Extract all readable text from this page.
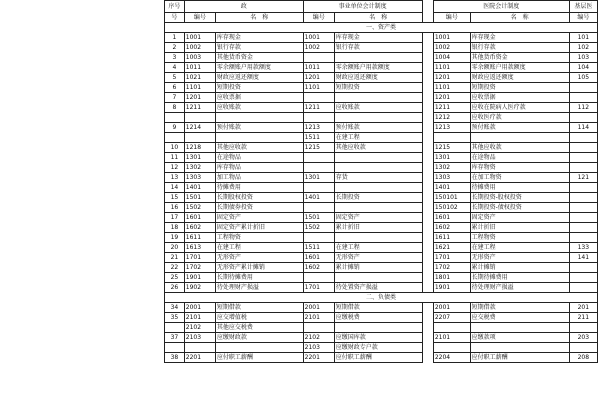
序号	政		事业单位会计制度			医院会计制度		基层医
号	编号	名　称	编号	名　称		编号	名　称	编号
一、资产类								
1	1001	库存现金	1001	库存现金		1001	库存现金	101
2	1002	银行存款	1002	银行存款		1002	银行存款	102
3	1003	其他货币资金				1004	其他货币资金	103
4	1011	零余额账户用款额度	1011	零余额账户用款额度		1101	零余额账户用款额度	104
5	1021	财政应返还额度	1201	财政应返还额度		1201	财政应返还额度	105
6	1101	短期投资	1101	短期投资		1101	短期投资	
7	1201	应收票据				1201	应收票据	
8	1211	应收账款	1211	应收账款		1211	应收在院病人医疗款	112
						1212	应收医疗款	
9	1214	预付账款	1213	预付账款		1213	预付账款	114
			1511	在建工程				
10	1218	其他应收款	1215	其他应收款		1215	其他应收款	
11	1301	在途物品				1301	在途物品	
12	1302	库存物品				1302	库存物资	
13	1303	加工物品	1301	存货		1303	在加工物资	121
14	1401	待摊费用				1401	待摊费用	
15	1501	长期股权投资	1401	长期投资		150101	长期投资-股权投资	
16	1502	长期债券投资				150102	长期投资-债权投资	
17	1601	固定资产	1501	固定资产		1601	固定资产	
18	1602	固定资产累计折旧	1502	累计折旧		1602	累计折旧	
19	1611	工程物资				1611	工程物资	
20	1613	在建工程	1511	在建工程		1621	在建工程	133
21	1701	无形资产	1601	无形资产		1701	无形资产	141
22	1702	无形资产累计摊销	1602	累计摊销		1702	累计摊销	
25	1901	长期待摊费用				1801	长期待摊费用	
26	1902	待处理财产损溢	1701	待处置资产损溢		1901	待处理财产损溢	
二、负债类								
34	2001	短期借款	2001	短期借款		2001	短期借款	201
35	2101	应交增值税	2101	应缴税费		2207	应交税费	211
	2102	其他应交税费						
37	2103	应缴财政款	2102	应缴国库款		2101	应缴款项	203
			2103	应缴财政专户款				
38	2201	应付职工薪酬	2201	应付职工薪酬		2204	应付职工薪酬	208
